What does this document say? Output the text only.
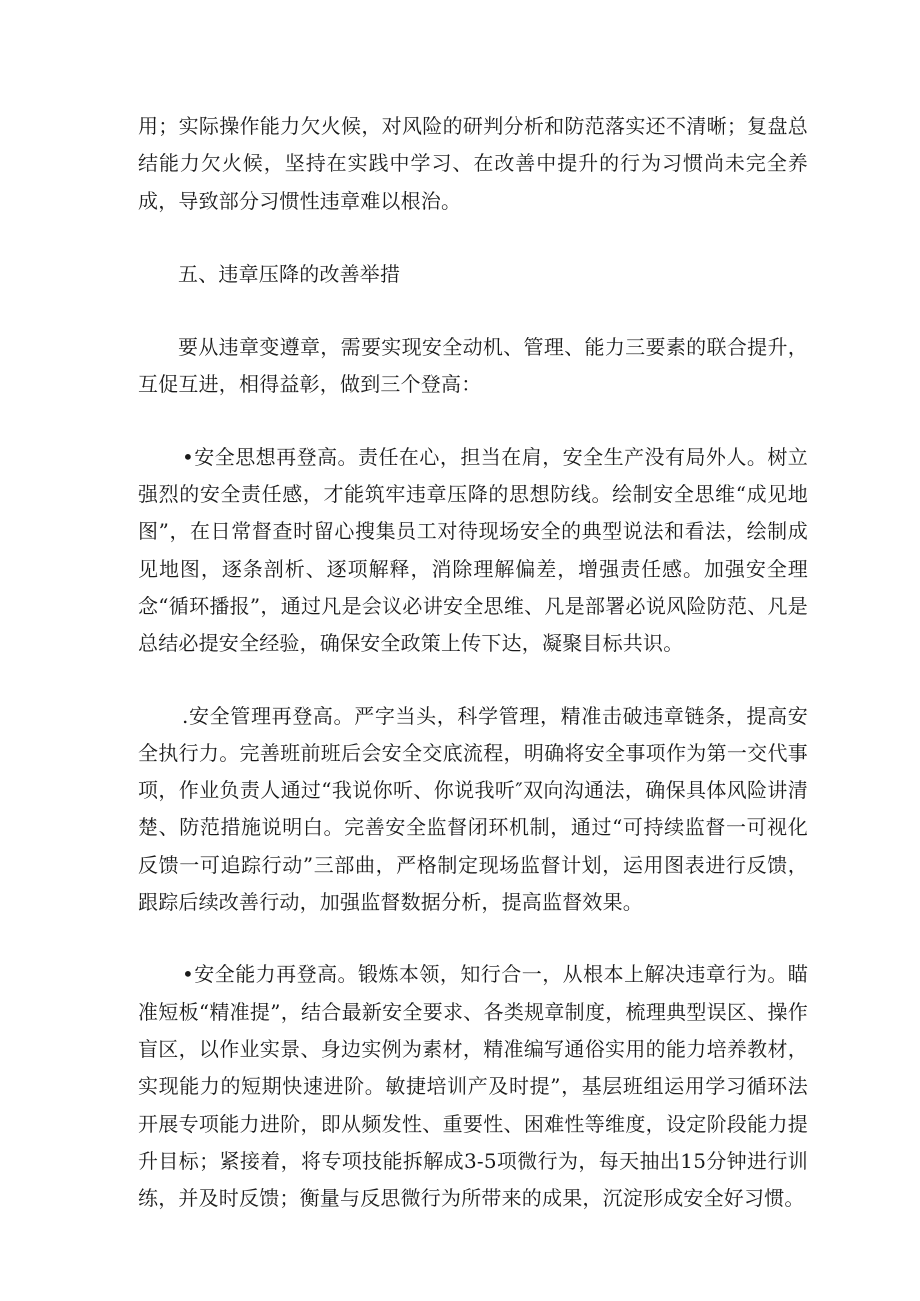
用；实际操作能力欠火候，对风险的研判分析和防范落实还不清晰；复盘总结能力欠火候，坚持在实践中学习、在改善中提升的行为习惯尚未完全养成，导致部分习惯性违章难以根治。

五、违章压降的改善举措

要从违章变遵章，需要实现安全动机、管理、能力三要素的联合提升，互促互进，相得益彰，做到三个登高：

•安全思想再登高。责任在心，担当在肩，安全生产没有局外人。树立强烈的安全责任感，才能筑牢违章压降的思想防线。绘制安全思维“成见地图”，在日常督查时留心搜集员工对待现场安全的典型说法和看法，绘制成见地图，逐条剖析、逐项解释，消除理解偏差，增强责任感。加强安全理念“循环播报”，通过凡是会议必讲安全思维、凡是部署必说风险防范、凡是总结必提安全经验，确保安全政策上传下达，凝聚目标共识。

.安全管理再登高。严字当头，科学管理，精准击破违章链条，提高安全执行力。完善班前班后会安全交底流程，明确将安全事项作为第一交代事项，作业负责人通过“我说你听、你说我听″双向沟通法，确保具体风险讲清楚、防范措施说明白。完善安全监督闭环机制，通过“可持续监督一可视化反馈一可追踪行动”三部曲，严格制定现场监督计划，运用图表进行反馈，跟踪后续改善行动，加强监督数据分析，提高监督效果。

•安全能力再登高。锻炼本领，知行合一，从根本上解决违章行为。瞄准短板“精准提”，结合最新安全要求、各类规章制度，梳理典型误区、操作盲区，以作业实景、身边实例为素材，精准编写通俗实用的能力培养教材，实现能力的短期快速进阶。敏捷培训产及时提”，基层班组运用学习循环法开展专项能力进阶，即从频发性、重要性、困难性等维度，设定阶段能力提升目标；紧接着，将专项技能拆解成3-5项微行为，每天抽出15分钟进行训练，并及时反馈；衡量与反思微行为所带来的成果，沉淀形成安全好习惯。
